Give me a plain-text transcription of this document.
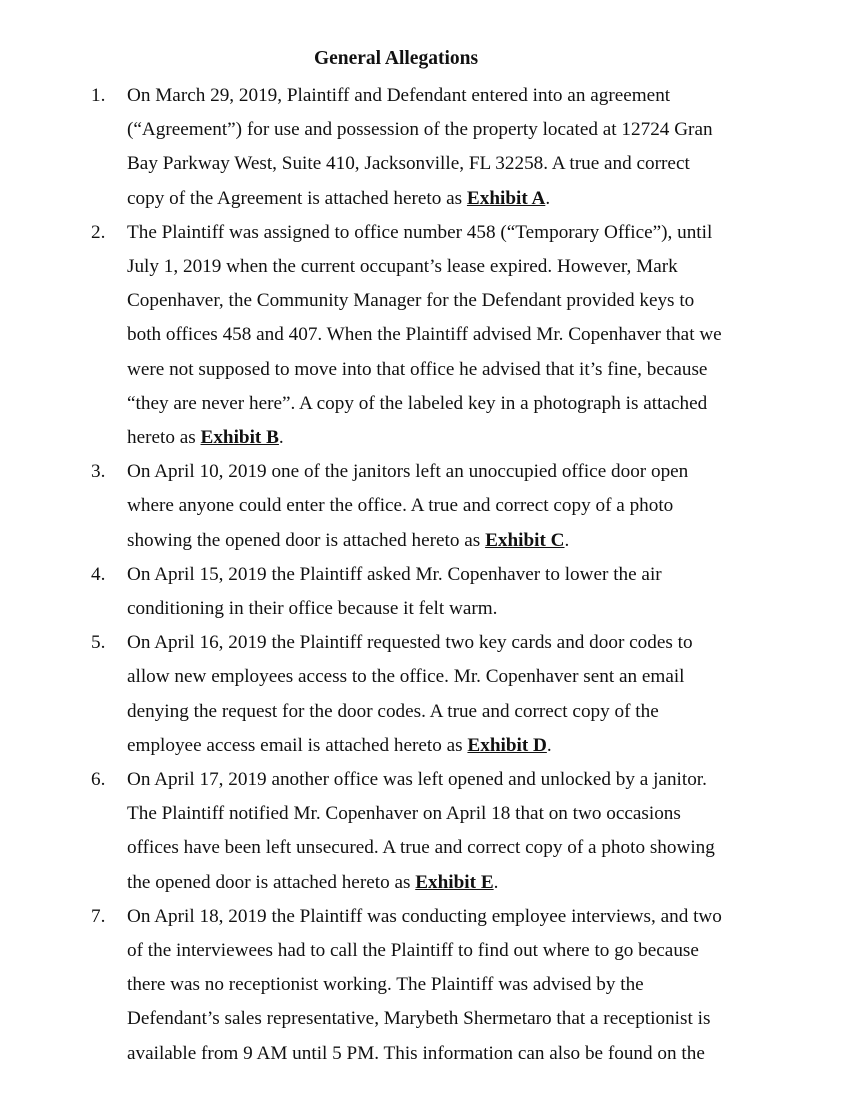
General Allegations
1. On March 29, 2019, Plaintiff and Defendant entered into an agreement
(“Agreement”) for use and possession of the property located at 12724 Gran
Bay Parkway West, Suite 410, Jacksonville, FL 32258. A true and correct
copy of the Agreement is attached hereto as Exhibit A.
2. The Plaintiff was assigned to office number 458 (“Temporary Office”), until
July 1, 2019 when the current occupant’s lease expired. However, Mark
Copenhaver, the Community Manager for the Defendant provided keys to
both offices 458 and 407. When the Plaintiff advised Mr. Copenhaver that we
were not supposed to move into that office he advised that it’s fine, because
“they are never here”. A copy of the labeled key in a photograph is attached
hereto as Exhibit B.
3. On April 10, 2019 one of the janitors left an unoccupied office door open
where anyone could enter the office. A true and correct copy of a photo
showing the opened door is attached hereto as Exhibit C.
4. On April 15, 2019 the Plaintiff asked Mr. Copenhaver to lower the air
conditioning in their office because it felt warm.
5. On April 16, 2019 the Plaintiff requested two key cards and door codes to
allow new employees access to the office. Mr. Copenhaver sent an email
denying the request for the door codes. A true and correct copy of the
employee access email is attached hereto as Exhibit D.
6. On April 17, 2019 another office was left opened and unlocked by a janitor.
The Plaintiff notified Mr. Copenhaver on April 18 that on two occasions
offices have been left unsecured. A true and correct copy of a photo showing
the opened door is attached hereto as Exhibit E.
7. On April 18, 2019 the Plaintiff was conducting employee interviews, and two
of the interviewees had to call the Plaintiff to find out where to go because
there was no receptionist working. The Plaintiff was advised by the
Defendant’s sales representative, Marybeth Shermetaro that a receptionist is
available from 9 AM until 5 PM. This information can also be found on the
